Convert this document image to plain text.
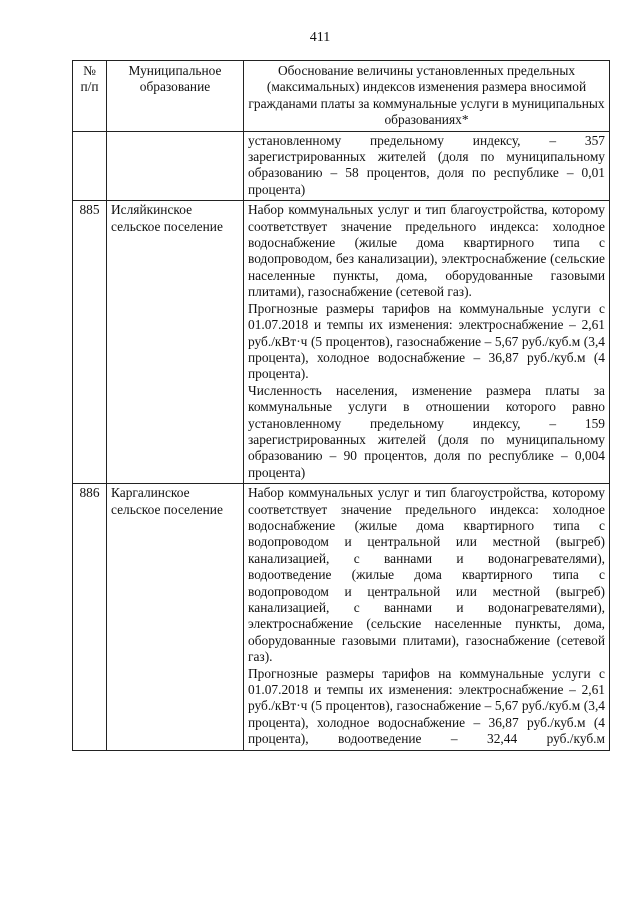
411
№
п/п	Муниципальное образование	Обоснование величины установленных предельных (максимальных) индексов изменения размера вносимой гражданами платы за коммунальные услуги в муниципальных образованиях*

		установленному предельному индексу, – 357 зарегистрированных жителей (доля по муниципальному образованию – 58 процентов, доля по республике – 0,01 процента)

885	Исляйкинское сельское поселение	Набор коммунальных услуг и тип благоустройства, которому соответствует значение предельного индекса: холодное водоснабжение (жилые дома квартирного типа с водопроводом, без канализации), электроснабжение (сельские населенные пункты, дома, оборудованные газовыми плитами), газоснабжение (сетевой газ).
Прогнозные размеры тарифов на коммунальные услуги с 01.07.2018 и темпы их изменения: электроснабжение – 2,61 руб./кВт·ч (5 процентов), газоснабжение – 5,67 руб./куб.м (3,4 процента), холодное водоснабжение – 36,87 руб./куб.м (4 процента).
Численность населения, изменение размера платы за коммунальные услуги в отношении которого равно установленному предельному индексу, – 159 зарегистрированных жителей (доля по муниципальному образованию – 90 процентов, доля по республике – 0,004 процента)

886	Каргалинское сельское поселение	Набор коммунальных услуг и тип благоустройства, которому соответствует значение предельного индекса: холодное водоснабжение (жилые дома квартирного типа с водопроводом и центральной или местной (выгреб) канализацией, с ваннами и водонагревателями), водоотведение (жилые дома квартирного типа с водопроводом и центральной или местной (выгреб) канализацией, с ваннами и водонагревателями), электроснабжение (сельские населенные пункты, дома, оборудованные газовыми плитами), газоснабжение (сетевой газ).
Прогнозные размеры тарифов на коммунальные услуги с 01.07.2018 и темпы их изменения: электроснабжение – 2,61 руб./кВт·ч (5 процентов), газоснабжение – 5,67 руб./куб.м (3,4 процента), холодное водоснабжение – 36,87 руб./куб.м (4 процента), водоотведение – 32,44 руб./куб.м
